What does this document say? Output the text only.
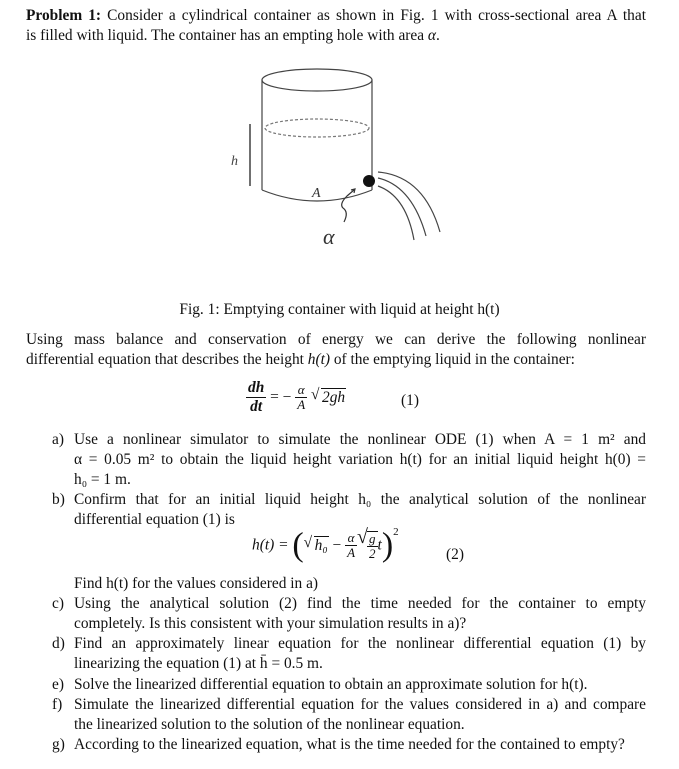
Problem 1: Consider a cylindrical container as shown in Fig. 1 with cross-sectional area A that
is filled with liquid. The container has an empting hole with area α.
h
A
α
Fig. 1: Emptying container with liquid at height h(t)
Using mass balance and conservation of energy we can derive the following nonlinear
differential equation that describes the height h(t) of the emptying liquid in the container:
$\frac{dh}{dt}$ = − $\frac{\alpha}{A}$
√ 2gh	(1)
a) Use a nonlinear simulator to simulate the nonlinear ODE (1) when A = 1 m² and
α = 0.05 m² to obtain the liquid height variation h(t) for an initial liquid height h(0) =
h₀ = 1 m.
b) Confirm that for an initial liquid height h₀ the analytical solution of the nonlinear
differential equation (1) is
h(t) = ( √ $h_0 - \frac{\alpha}{A}$ √ $\frac{g}{2} t)^2$
(2)
Find h(t) for the values considered in a)
c) Using the analytical solution (2) find the time needed for the container to empty
completely. Is this consistent with your simulation results in a)?
d) Find an approximately linear equation for the nonlinear differential equation (1) by
linearizing the equation (1) at h̄ = 0.5 m.
e) Solve the linearized differential equation to obtain an approximate solution for h(t).
f) Simulate the linearized differential equation for the values considered in a) and compare
the linearized solution to the solution of the nonlinear equation.
g) According to the linearized equation, what is the time needed for the contained to empty?
